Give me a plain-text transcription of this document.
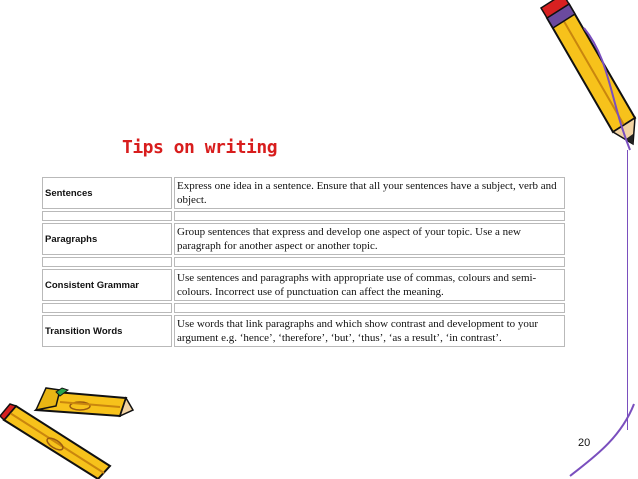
Tips on writing
Sentences	Express one idea in a sentence. Ensure that all your sentences have a subject, verb and object.

Paragraphs	Group sentences that express and develop one aspect of your topic. Use a new paragraph for another aspect or another topic.

Consistent Grammar	Use sentences and paragraphs with appropriate use of commas, colours and semi-colours. Incorrect use of punctuation can affect the meaning.

Transition Words	Use words that link paragraphs and which show contrast and development to your argument e.g. ‘hence’, ‘therefore’, ‘but’, ‘thus’, ‘as a result’, ‘in contrast’.
20
